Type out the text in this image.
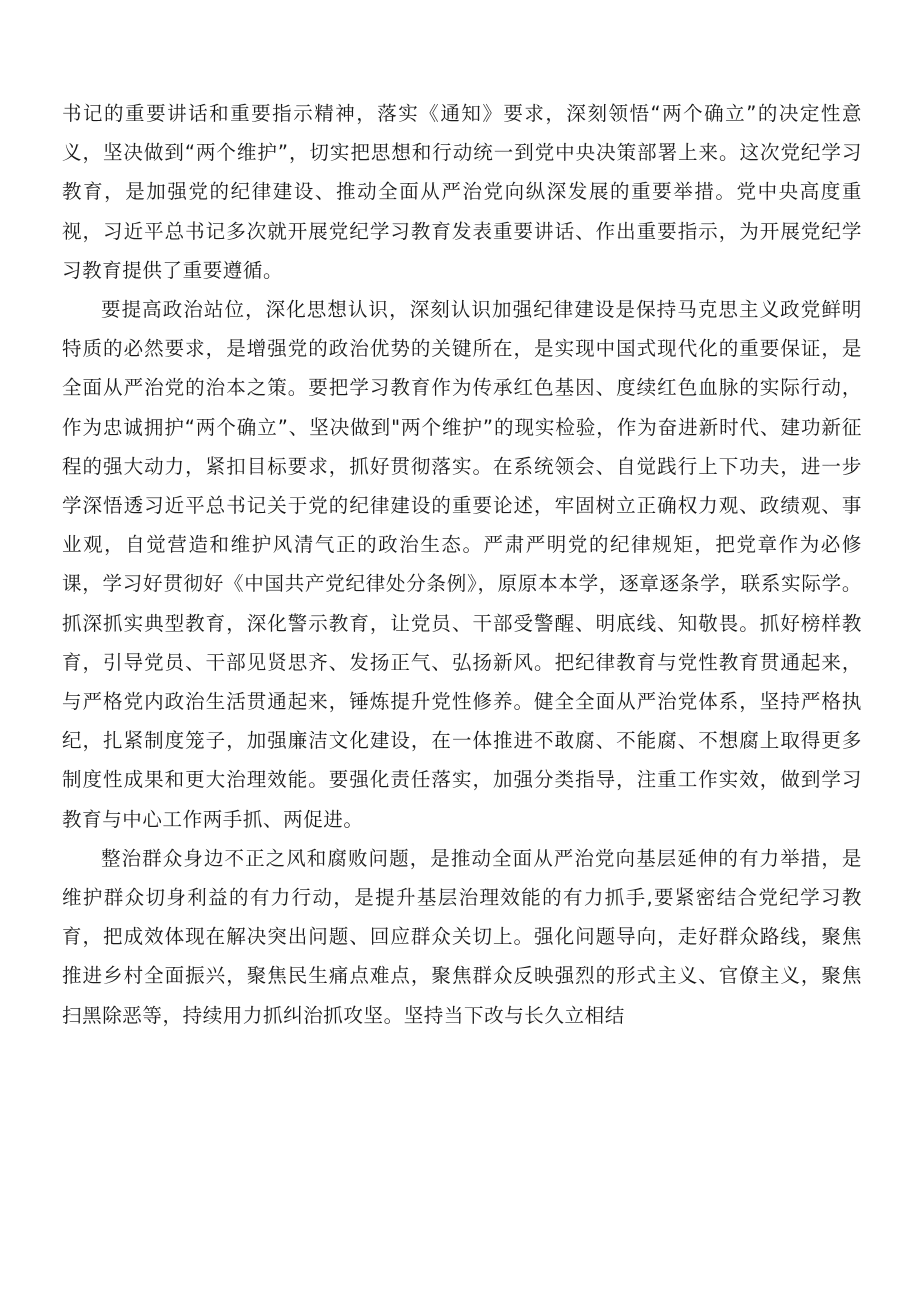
书记的重要讲话和重要指示精神，落实《通知》要求，深刻领悟“两个确立”的决定性意义，坚决做到“两个维护”，切实把思想和行动统一到党中央决策部署上来。这次党纪学习教育，是加强党的纪律建设、推动全面从严治党向纵深发展的重要举措。党中央高度重视，习近平总书记多次就开展党纪学习教育发表重要讲话、作出重要指示，为开展党纪学习教育提供了重要遵循。

要提高政治站位，深化思想认识，深刻认识加强纪律建设是保持马克思主义政党鲜明特质的必然要求，是增强党的政治优势的关键所在，是实现中国式现代化的重要保证，是全面从严治党的治本之策。要把学习教育作为传承红色基因、度续红色血脉的实际行动，作为忠诚拥护“两个确立”、坚决做到"两个维护”的现实检验，作为奋进新时代、建功新征程的强大动力，紧扣目标要求，抓好贯彻落实。在系统领会、自觉践行上下功夫，进一步学深悟透习近平总书记关于党的纪律建设的重要论述，牢固树立正确权力观、政绩观、事业观，自觉营造和维护风清气正的政治生态。严肃严明党的纪律规矩，把党章作为必修课，学习好贯彻好《中国共产党纪律处分条例》，原原本本学，逐章逐条学，联系实际学。抓深抓实典型教育，深化警示教育，让党员、干部受警醒、明底线、知敬畏。抓好榜样教育，引导党员、干部见贤思齐、发扬正气、弘扬新风。把纪律教育与党性教育贯通起来，与严格党内政治生活贯通起来，锤炼提升党性修养。健全全面从严治党体系，坚持严格执纪，扎紧制度笼子，加强廉洁文化建设，在一体推进不敢腐、不能腐、不想腐上取得更多制度性成果和更大治理效能。要强化责任落实，加强分类指导，注重工作实效，做到学习教育与中心工作两手抓、两促进。

整治群众身边不正之风和腐败问题，是推动全面从严治党向基层延伸的有力举措，是维护群众切身利益的有力行动，是提升基层治理效能的有力抓手,要紧密结合党纪学习教育，把成效体现在解决突出问题、回应群众关切上。强化问题导向，走好群众路线，聚焦推进乡村全面振兴，聚焦民生痛点难点，聚焦群众反映强烈的形式主义、官僚主义，聚焦扫黑除恶等，持续用力抓纠治抓攻坚。坚持当下改与长久立相结
